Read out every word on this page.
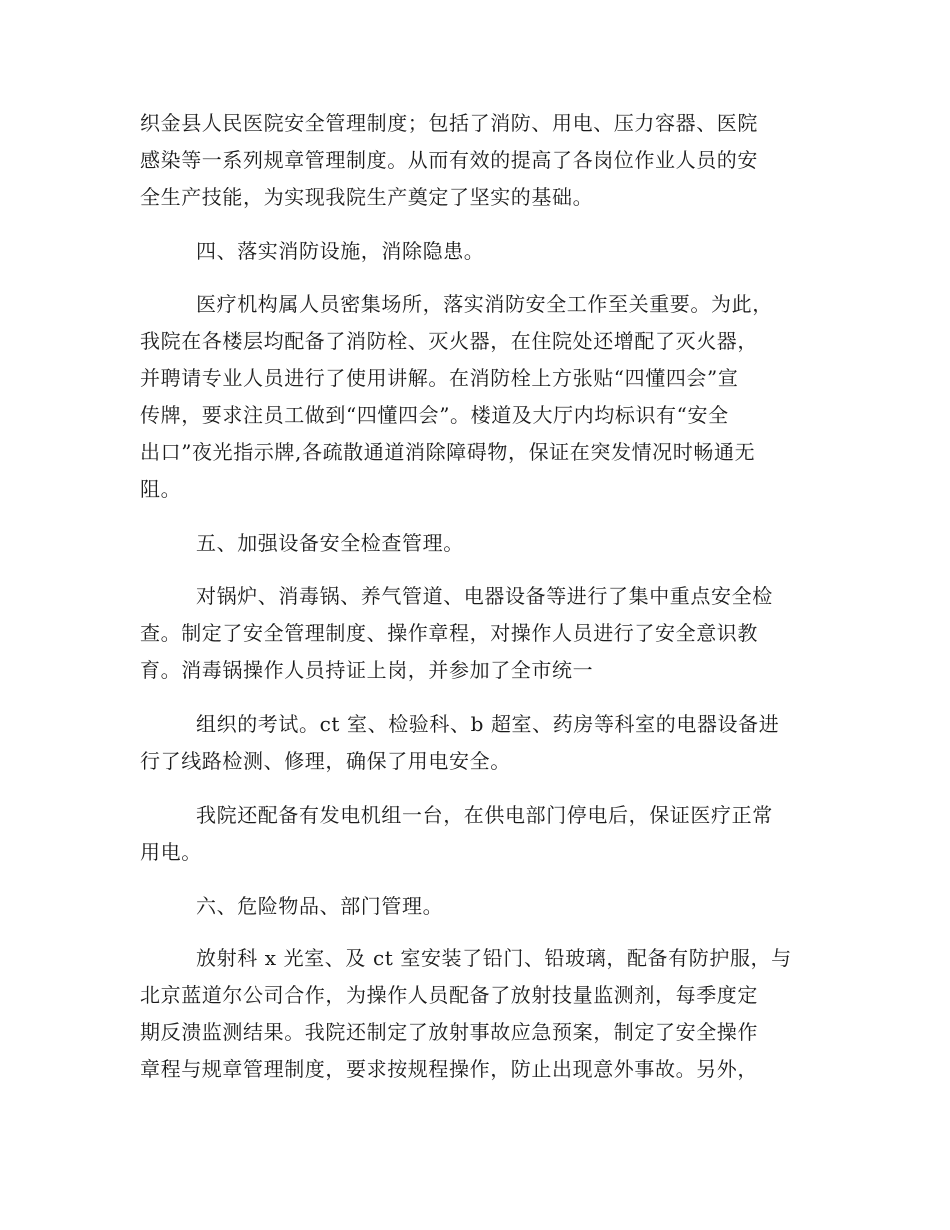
织金县人民医院安全管理制度；包括了消防、用电、压力容器、医院
感染等一系列规章管理制度。从而有效的提高了各岗位作业人员的安
全生产技能，为实现我院生产奠定了坚实的基础。
四、落实消防设施，消除隐患。
医疗机构属人员密集场所，落实消防安全工作至关重要。为此，
我院在各楼层均配备了消防栓、灭火器，在住院处还增配了灭火器，
并聘请专业人员进行了使用讲解。在消防栓上方张贴“四懂四会”宣
传牌，要求注员工做到“四懂四会”。楼道及大厅内均标识有“安全
出口”夜光指示牌,各疏散通道消除障碍物，保证在突发情况时畅通无
阻。
五、加强设备安全检查管理。
对锅炉、消毒锅、养气管道、电器设备等进行了集中重点安全检
查。制定了安全管理制度、操作章程，对操作人员进行了安全意识教
育。消毒锅操作人员持证上岗，并参加了全市统一
组织的考试。ct 室、检验科、b 超室、药房等科室的电器设备进
行了线路检测、修理，确保了用电安全。
我院还配备有发电机组一台，在供电部门停电后，保证医疗正常
用电。
六、危险物品、部门管理。
放射科 x 光室、及 ct 室安装了铅门、铅玻璃，配备有防护服，与
北京蓝道尔公司合作，为操作人员配备了放射技量监测剂，每季度定
期反溃监测结果。我院还制定了放射事故应急预案，制定了安全操作
章程与规章管理制度，要求按规程操作，防止出现意外事故。另外，
